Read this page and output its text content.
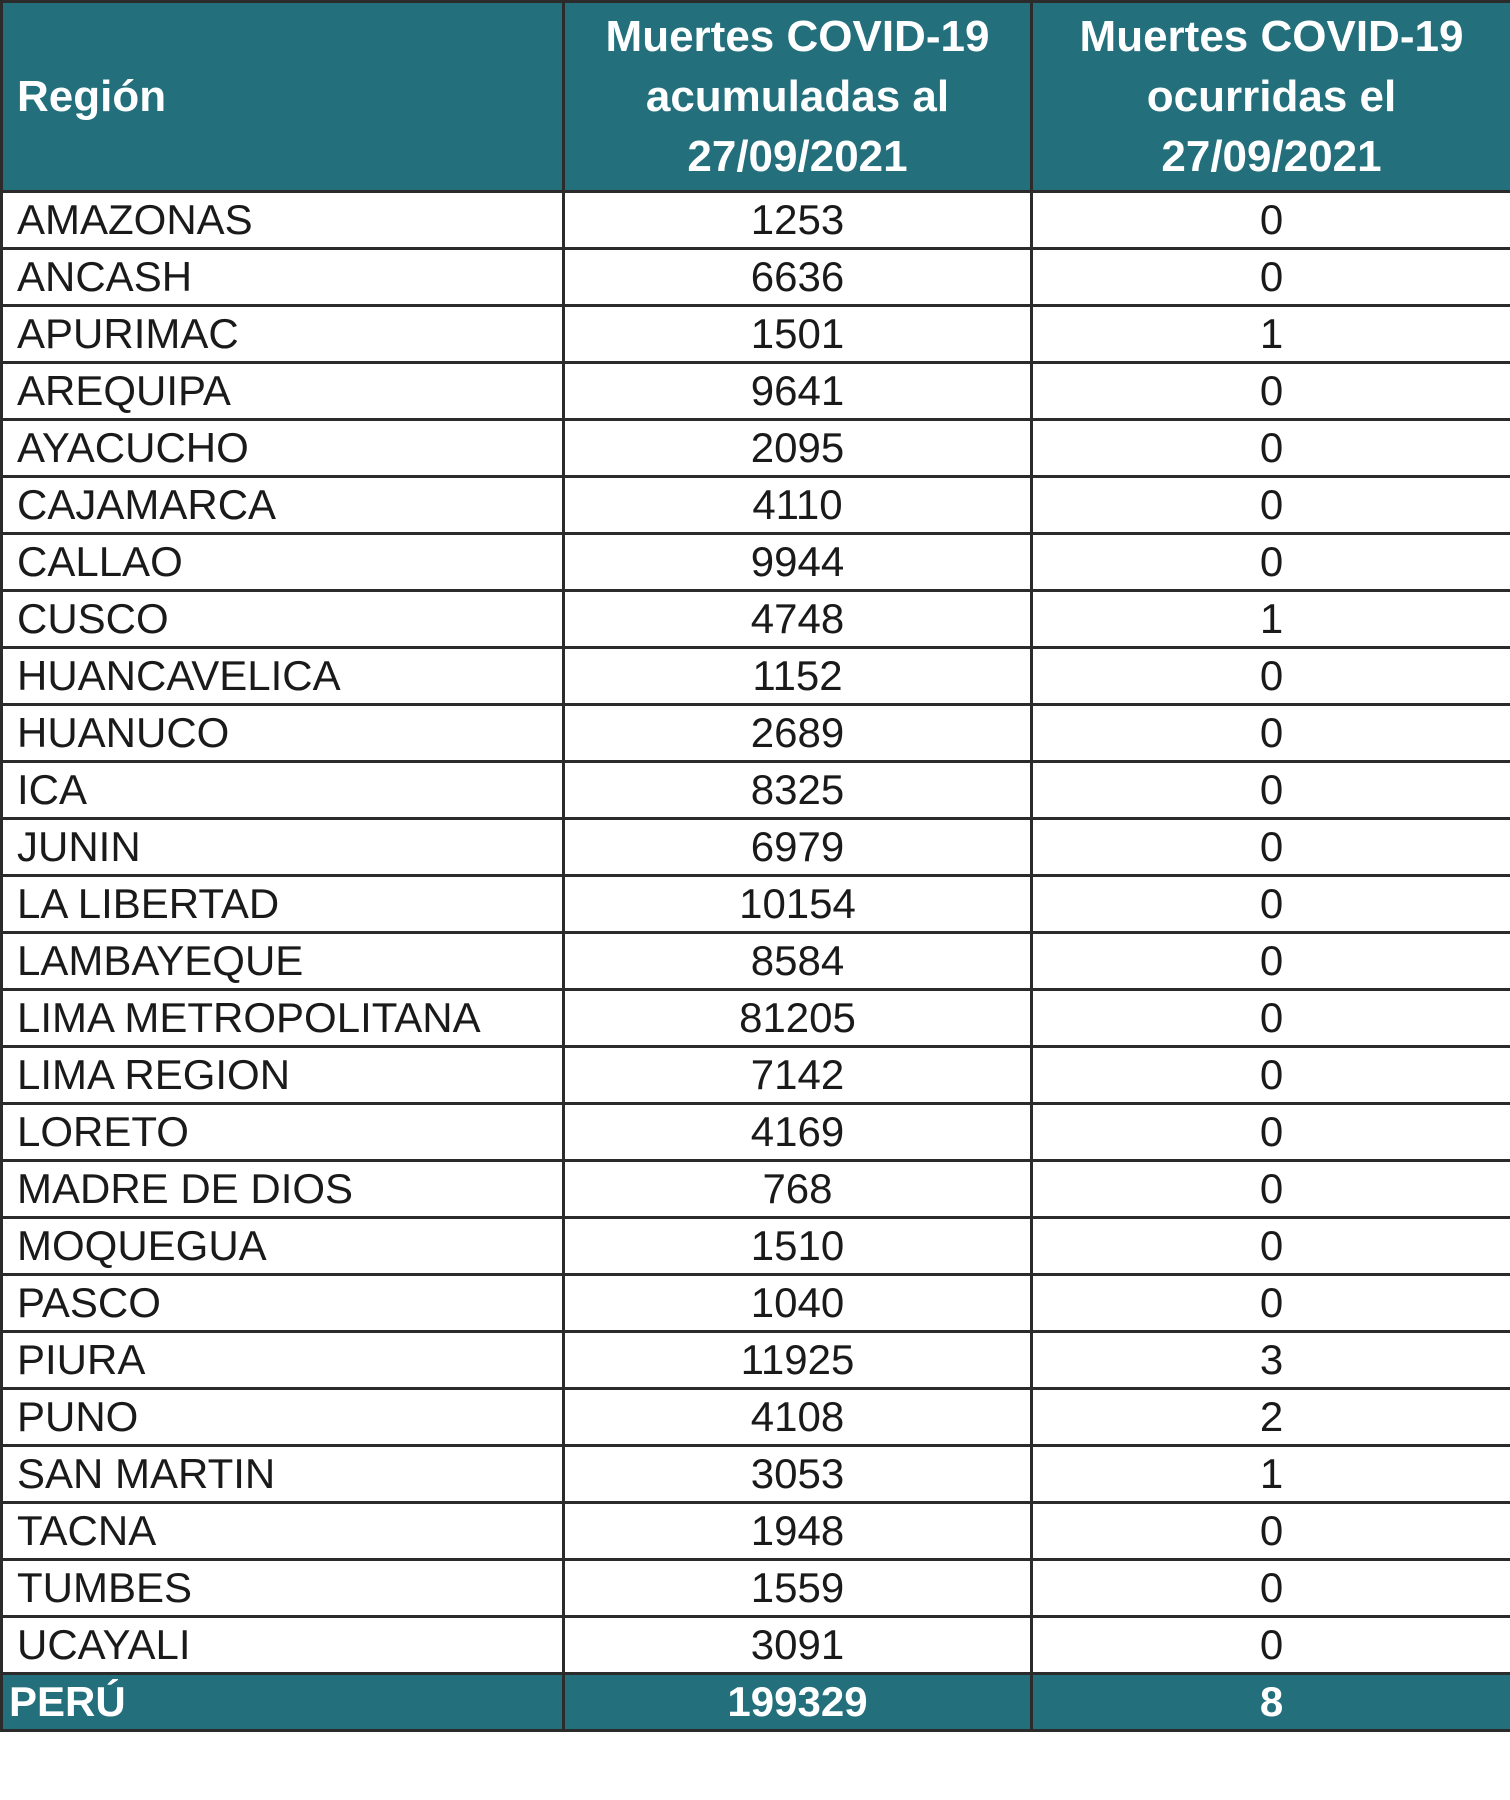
Región	Muertes COVID-19
acumuladas al
27/09/2021	Muertes COVID-19
ocurridas el
27/09/2021

AMAZONAS	1253	0
ANCASH	6636	0
APURIMAC	1501	1
AREQUIPA	9641	0
AYACUCHO	2095	0
CAJAMARCA	4110	0
CALLAO	9944	0
CUSCO	4748	1
HUANCAVELICA	1152	0
HUANUCO	2689	0
ICA	8325	0
JUNIN	6979	0
LA LIBERTAD	10154	0
LAMBAYEQUE	8584	0
LIMA METROPOLITANA	81205	0
LIMA REGION	7142	0
LORETO	4169	0
MADRE DE DIOS	768	0
MOQUEGUA	1510	0
PASCO	1040	0
PIURA	11925	3
PUNO	4108	2
SAN MARTIN	3053	1
TACNA	1948	0
TUMBES	1559	0
UCAYALI	3091	0
PERÚ	199329	8
